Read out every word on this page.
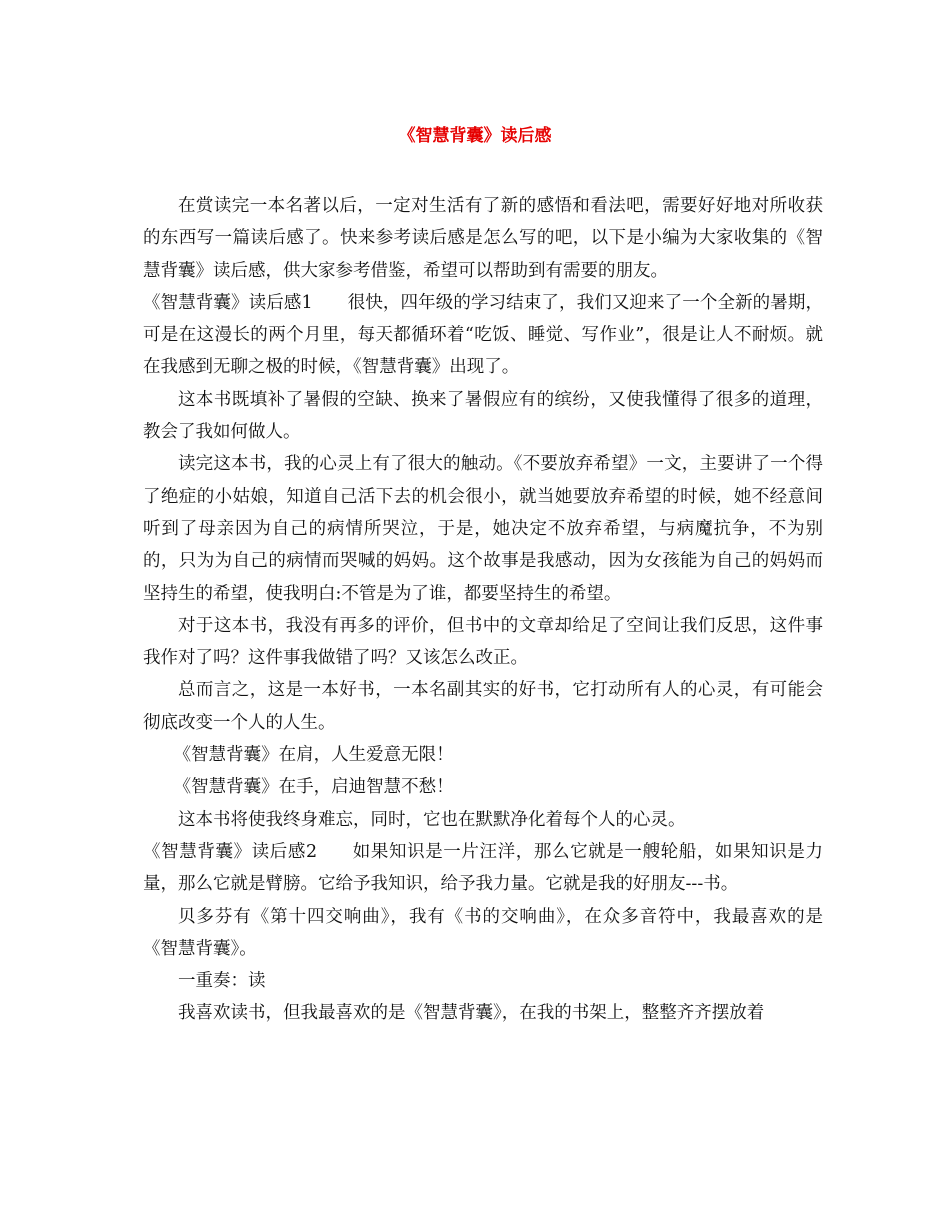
《智慧背囊》读后感

在赏读完一本名著以后，一定对生活有了新的感悟和看法吧，需要好好地对所收获的东西写一篇读后感了。快来参考读后感是怎么写的吧，以下是小编为大家收集的《智慧背囊》读后感，供大家参考借鉴，希望可以帮助到有需要的朋友。

《智慧背囊》读后感1 很快，四年级的学习结束了，我们又迎来了一个全新的暑期，可是在这漫长的两个月里，每天都循环着“吃饭、睡觉、写作业”，很是让人不耐烦。就在我感到无聊之极的时候，《智慧背囊》出现了。

这本书既填补了暑假的空缺、换来了暑假应有的缤纷，又使我懂得了很多的道理，教会了我如何做人。

读完这本书，我的心灵上有了很大的触动。《不要放弃希望》一文，主要讲了一个得了绝症的小姑娘，知道自己活下去的机会很小，就当她要放弃希望的时候，她不经意间听到了母亲因为自己的病情所哭泣，于是，她决定不放弃希望，与病魔抗争，不为别的，只为为自己的病情而哭喊的妈妈。这个故事是我感动，因为女孩能为自己的妈妈而坚持生的希望，使我明白:不管是为了谁，都要坚持生的希望。

对于这本书，我没有再多的评价，但书中的文章却给足了空间让我们反思，这件事我作对了吗？这件事我做错了吗？又该怎么改正。

总而言之，这是一本好书，一本名副其实的好书，它打动所有人的心灵，有可能会彻底改变一个人的人生。

《智慧背囊》在肩，人生爱意无限！

《智慧背囊》在手，启迪智慧不愁！

这本书将使我终身难忘，同时，它也在默默净化着每个人的心灵。

《智慧背囊》读后感2 如果知识是一片汪洋，那么它就是一艘轮船，如果知识是力量，那么它就是臂膀。它给予我知识，给予我力量。它就是我的好朋友---书。

贝多芬有《第十四交响曲》，我有《书的交响曲》，在众多音符中，我最喜欢的是《智慧背囊》。

一重奏：读

我喜欢读书，但我最喜欢的是《智慧背囊》，在我的书架上，整整齐齐摆放着
